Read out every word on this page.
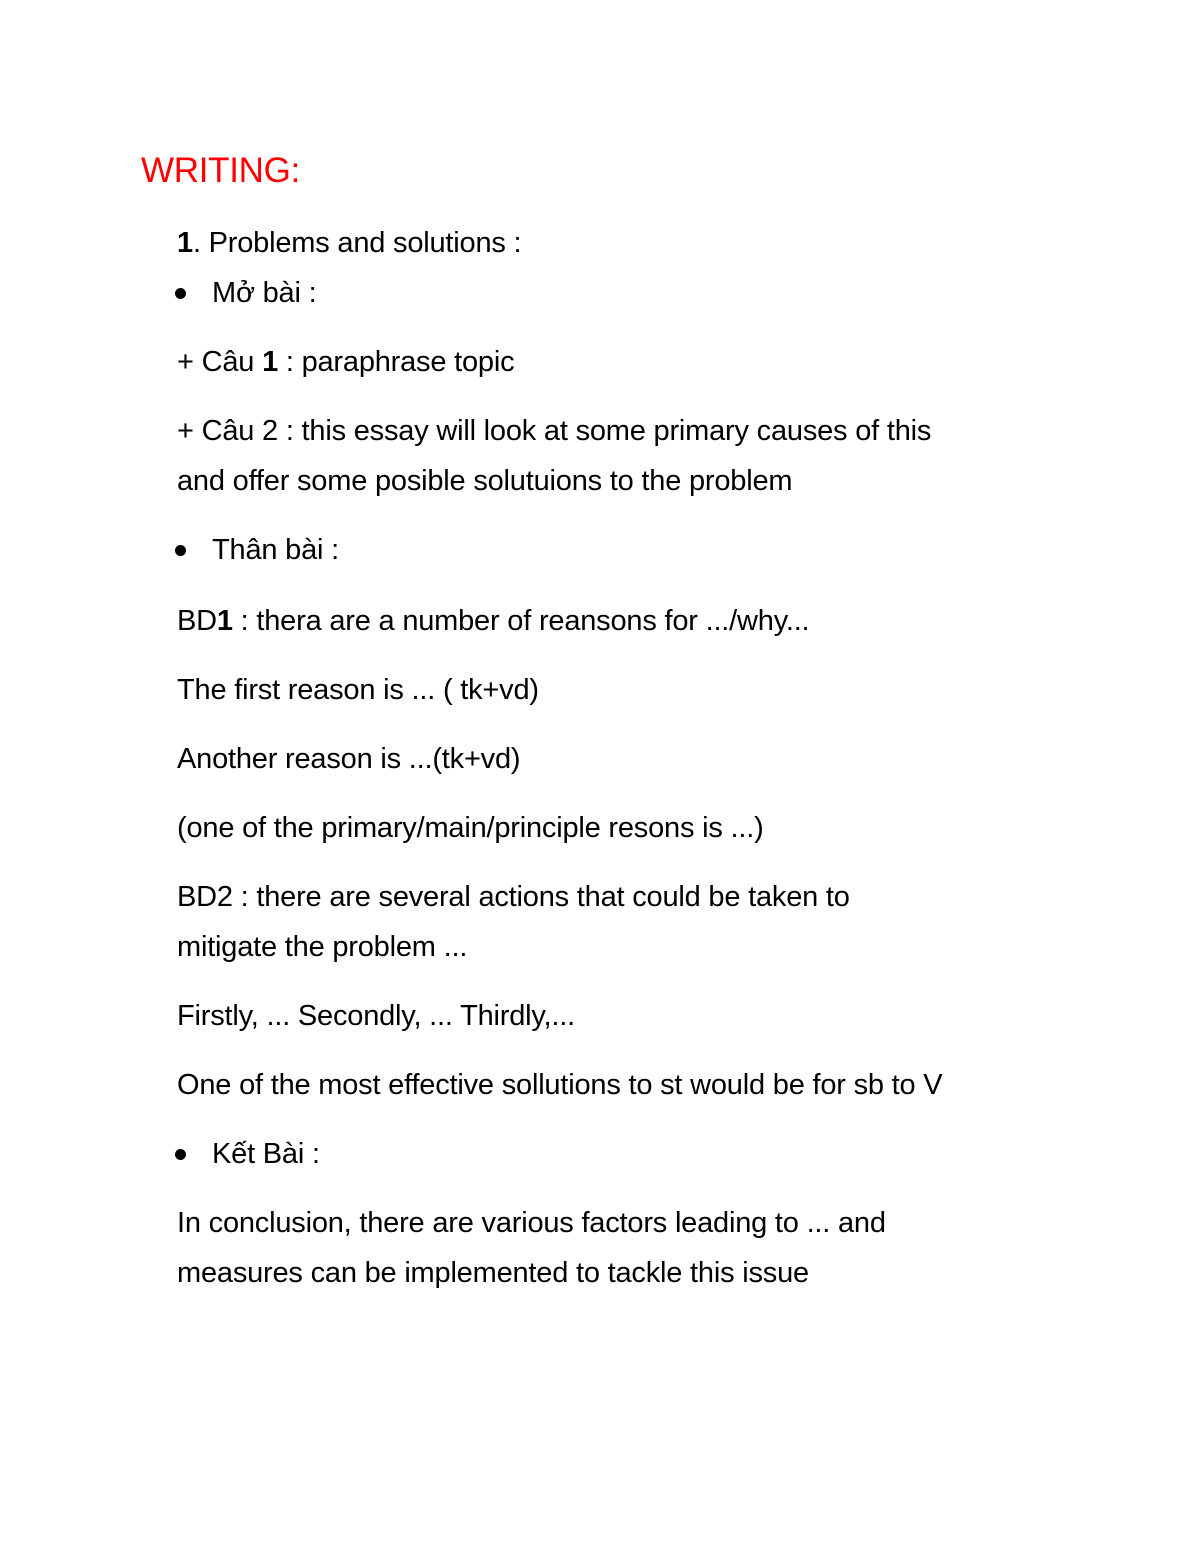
WRITING:
1. Problems and solutions :
Mở bài :
+ Câu 1 : paraphrase topic
+ Câu 2 : this essay will look at some primary causes of this
and offer some posible solutuions to the problem
Thân bài :
BD1 : thera are a number of reansons for .../why...
The first reason is ... ( tk+vd)
Another reason is ...(tk+vd)
(one of the primary/main/principle resons is ...)
BD2 : there are several actions that could be taken to
mitigate the problem ...
Firstly, ... Secondly, ... Thirdly,...
One of the most effective sollutions to st would be for sb to V
Kết Bài :
In conclusion, there are various factors leading to ... and
measures can be implemented to tackle this issue
